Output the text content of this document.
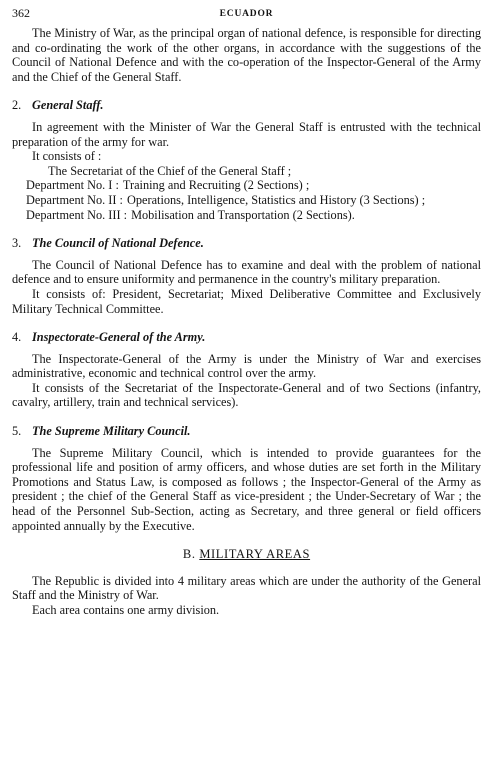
362	ECUADOR

The Ministry of War, as the principal organ of national defence, is responsible for directing and co-ordinating the work of the other organs, in accordance with the suggestions of the Council of National Defence and with the co-operation of the Inspector-General of the Army and the Chief of the General Staff.

2. General Staff.

In agreement with the Minister of War the General Staff is entrusted with the technical preparation of the army for war.

It consists of :

The Secretariat of the Chief of the General Staff ;
Department No. I : Training and Recruiting (2 Sections) ;
Department No. II : Operations, Intelligence, Statistics and History (3 Sections) ;
Department No. III : Mobilisation and Transportation (2 Sections).
3. The Council of National Defence.

The Council of National Defence has to examine and deal with the problem of national defence and to ensure uniformity and permanence in the country's military preparation.

It consists of: President, Secretariat; Mixed Deliberative Committee and Exclusively Military Technical Committee.

4. Inspectorate-General of the Army.

The Inspectorate-General of the Army is under the Ministry of War and exercises administrative, economic and technical control over the army.

It consists of the Secretariat of the Inspectorate-General and of two Sections (infantry, cavalry, artillery, train and technical services).

5. The Supreme Military Council.

The Supreme Military Council, which is intended to provide guarantees for the professional life and position of army officers, and whose duties are set forth in the Military Promotions and Status Law, is composed as follows ; the Inspector-General of the Army as president ; the chief of the General Staff as vice-president ; the Under-Secretary of War ; the head of the Personnel Sub-Section, acting as Secretary, and three general or field officers appointed annually by the Executive.

B. MILITARY AREAS

The Republic is divided into 4 military areas which are under the authority of the General Staff and the Ministry of War.

Each area contains one army division.
